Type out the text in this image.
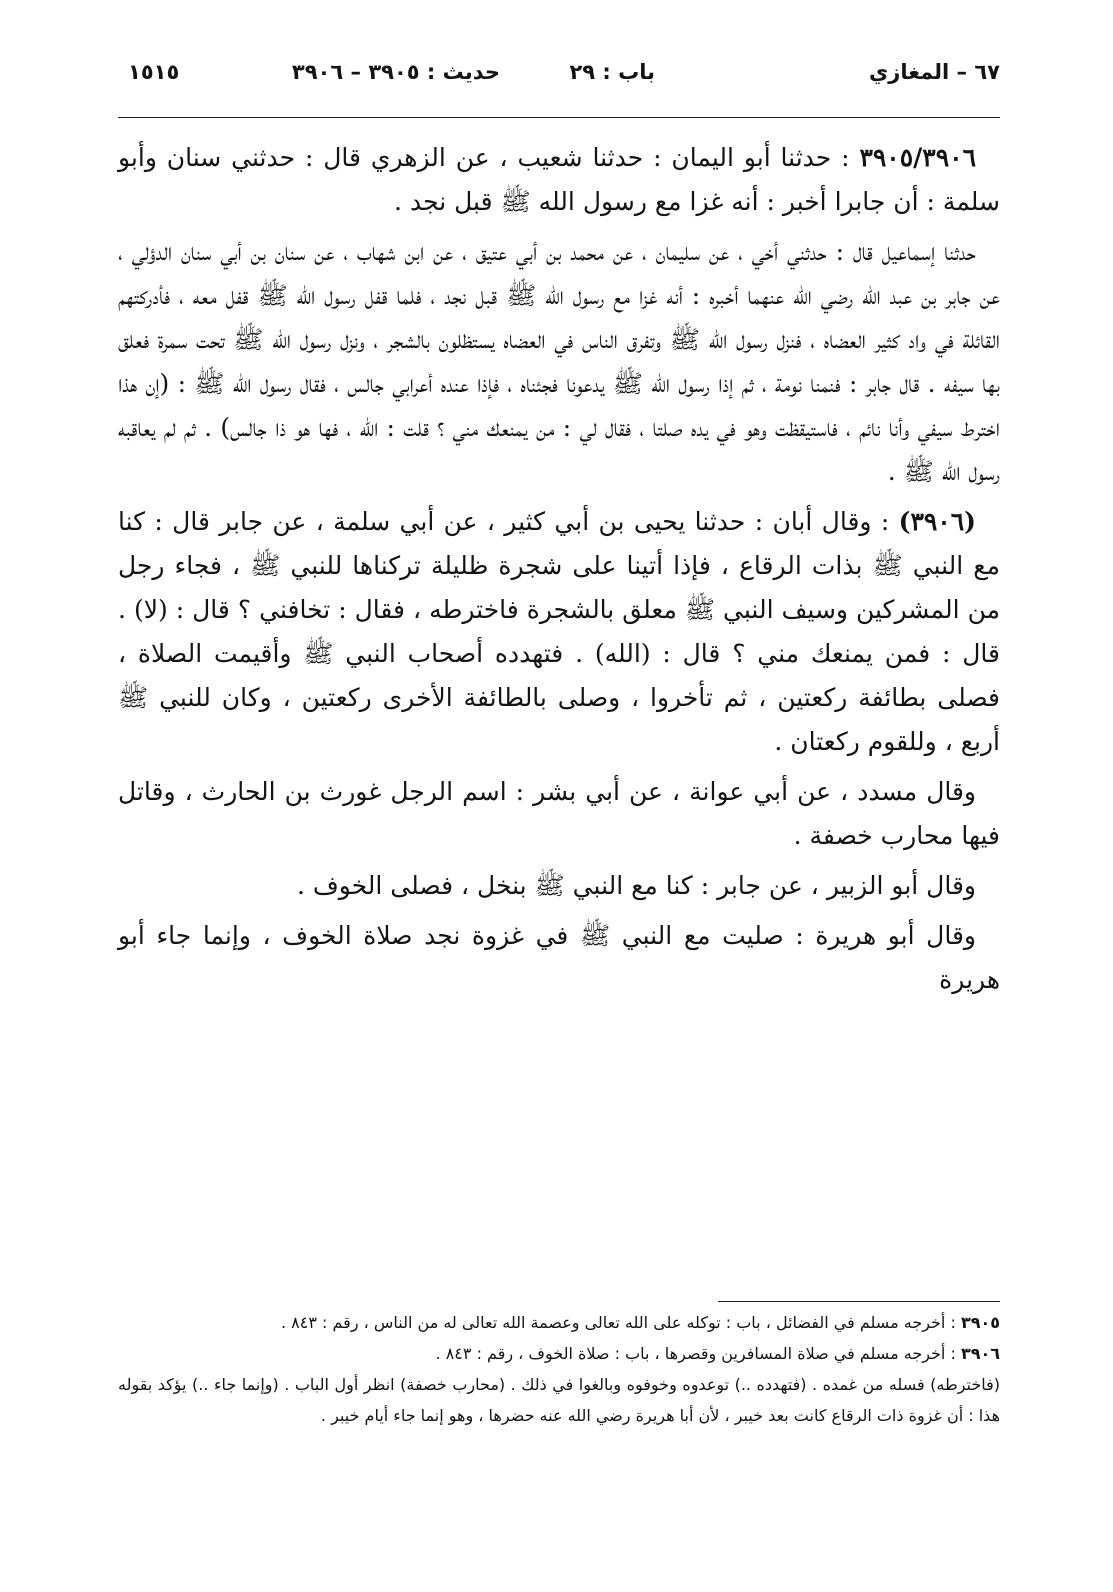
٦٧ – المغازي
باب : ٢٩
حديث : ٣٩٠٥ – ٣٩٠٦
١٥١٥

٣٩٠٥/٣٩٠٦ : حدثنا أبو اليمان : حدثنا شعيب ، عن الزهري قال : حدثني سنان وأبو سلمة : أن جابرا أخبر : أنه غزا مع رسول الله ﷺ قبل نجد .

حدثنا إسماعيل قال : حدثني أخي ، عن سليمان ، عن محمد بن أبي عتيق ، عن ابن شهاب ، عن سنان بن أبي سنان الدؤلي ، عن جابر بن عبد الله رضي الله عنهما أخبره : أنه غزا مع رسول الله ﷺ قبل نجد ، فلما قفل رسول الله ﷺ قفل معه ، فأدركتهم القائلة في واد كثير العضاه ، فنزل رسول الله ﷺ وتفرق الناس في العضاه يستظلون بالشجر ، ونزل رسول الله ﷺ تحت سمرة فعلق بها سيفه . قال جابر : فنمنا نومة ، ثم إذا رسول الله ﷺ يدعونا فجئناه ، فإذا عنده أعرابي جالس ، فقال رسول الله ﷺ : (إن هذا اخترط سيفي وأنا نائم ، فاستيقظت وهو في يده صلتا ، فقال لي : من يمنعك مني ؟ قلت : الله ، فها هو ذا جالس) . ثم لم يعاقبه رسول الله ﷺ .

(٣٩٠٦) : وقال أبان : حدثنا يحيى بن أبي كثير ، عن أبي سلمة ، عن جابر قال : كنا مع النبي ﷺ بذات الرقاع ، فإذا أتينا على شجرة ظليلة تركناها للنبي ﷺ ، فجاء رجل من المشركين وسيف النبي ﷺ معلق بالشجرة فاخترطه ، فقال : تخافني ؟ قال : (لا) . قال : فمن يمنعك مني ؟ قال : (الله) . فتهدده أصحاب النبي ﷺ وأقيمت الصلاة ، فصلى بطائفة ركعتين ، ثم تأخروا ، وصلى بالطائفة الأخرى ركعتين ، وكان للنبي ﷺ أربع ، وللقوم ركعتان .

وقال مسدد ، عن أبي عوانة ، عن أبي بشر : اسم الرجل غورث بن الحارث ، وقاتل فيها محارب خصفة .

وقال أبو الزبير ، عن جابر : كنا مع النبي ﷺ بنخل ، فصلى الخوف .

وقال أبو هريرة : صليت مع النبي ﷺ في غزوة نجد صلاة الخوف ، وإنما جاء أبو هريرة

٣٩٠٥ : أخرجه مسلم في الفضائل ، باب : توكله على الله تعالى وعصمة الله تعالى له من الناس ، رقم : ٨٤٣ .

٣٩٠٦ : أخرجه مسلم في صلاة المسافرين وقصرها ، باب : صلاة الخوف ، رقم : ٨٤٣ .

(فاخترطه) فسله من غمده . (فتهدده ..) توعدوه وخوفوه وبالغوا في ذلك . (محارب خصفة) انظر أول الباب . (وإنما جاء ..) يؤكد بقوله هذا : أن غزوة ذات الرقاع كانت بعد خيبر ، لأن أبا هريرة رضي الله عنه حضرها ، وهو إنما جاء أيام خيبر .
